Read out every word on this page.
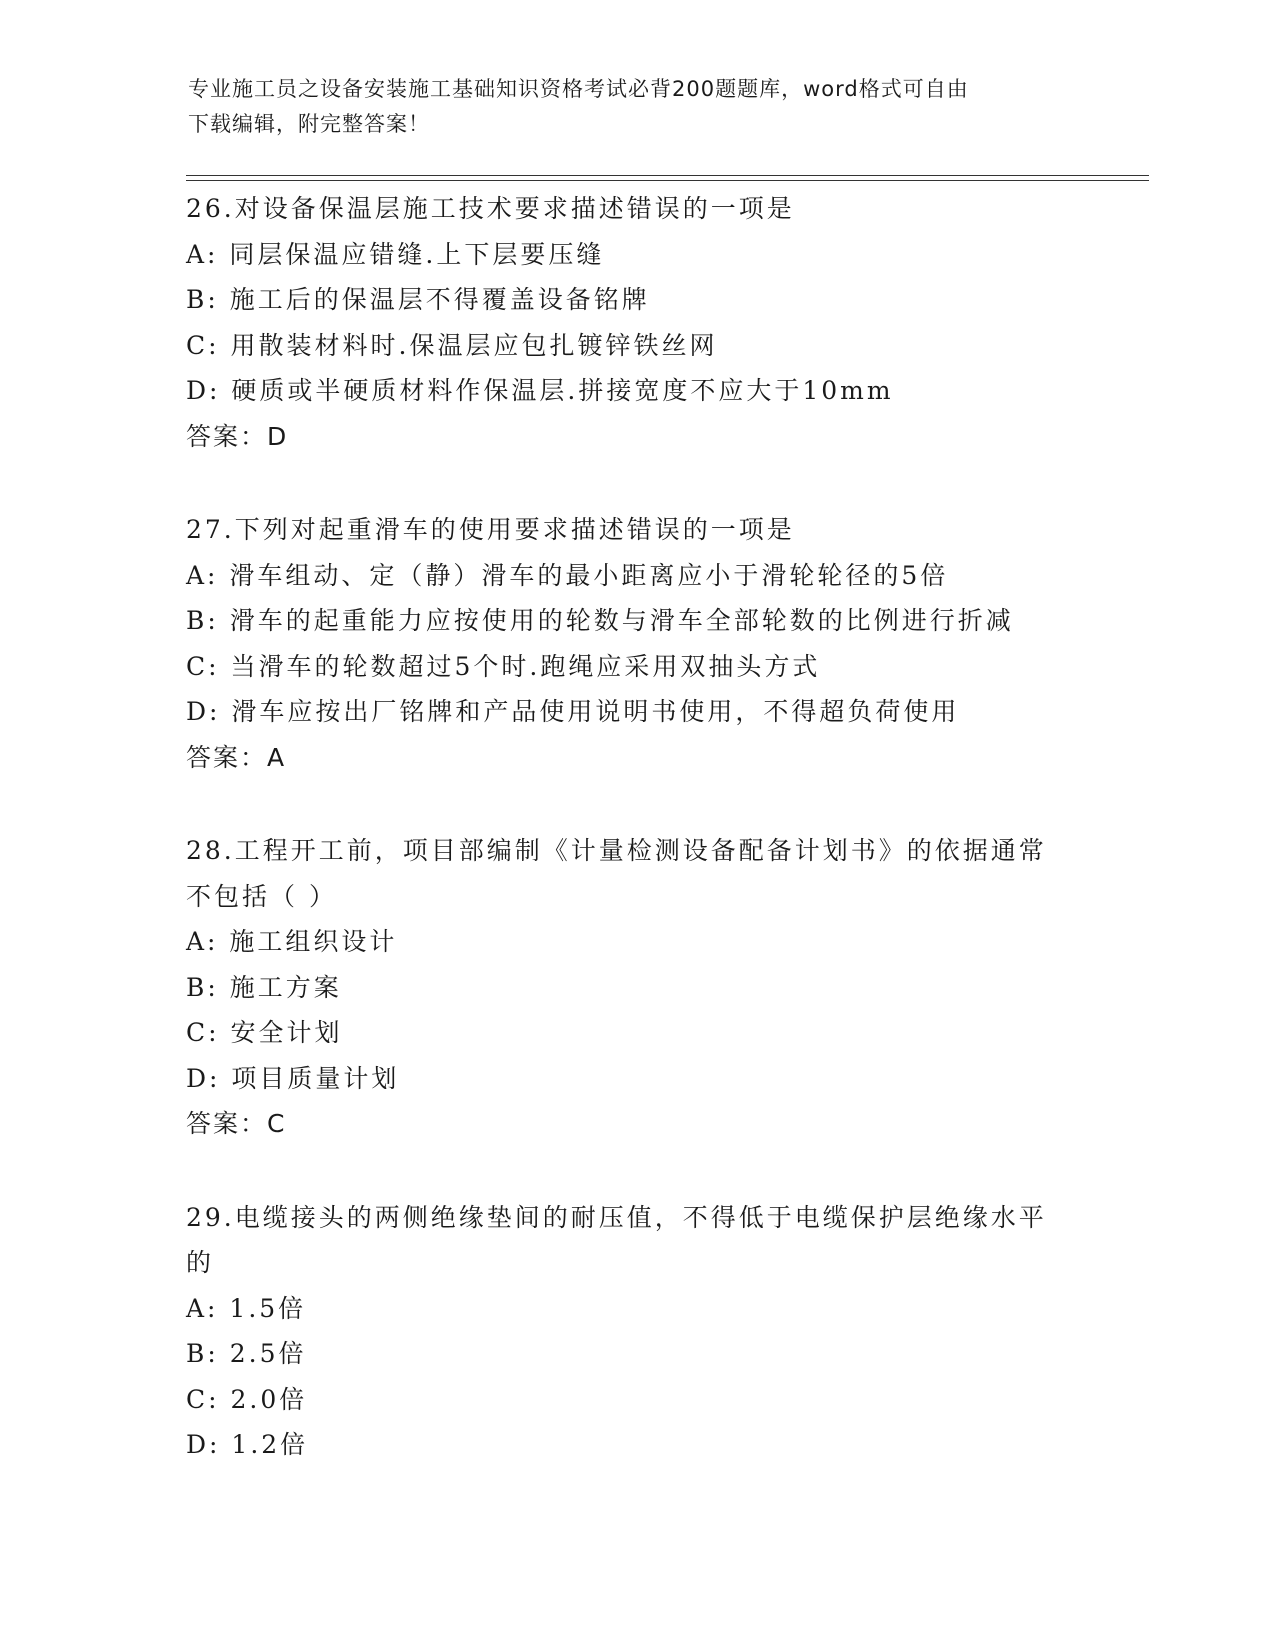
专业施工员之设备安装施工基础知识资格考试必背200题题库，word格式可自由
下载编辑，附完整答案！
26.对设备保温层施工技术要求描述错误的一项是
A: 同层保温应错缝.上下层要压缝
B: 施工后的保温层不得覆盖设备铭牌
C: 用散装材料时.保温层应包扎镀锌铁丝网
D: 硬质或半硬质材料作保温层.拼接宽度不应大于10mm
答案：D
27.下列对起重滑车的使用要求描述错误的一项是
A: 滑车组动、定（静）滑车的最小距离应小于滑轮轮径的5倍
B: 滑车的起重能力应按使用的轮数与滑车全部轮数的比例进行折减
C: 当滑车的轮数超过5个时.跑绳应采用双抽头方式
D: 滑车应按出厂铭牌和产品使用说明书使用，不得超负荷使用
答案：A
28.工程开工前，项目部编制《计量检测设备配备计划书》的依据通常不包括（ ）
A: 施工组织设计
B: 施工方案
C: 安全计划
D: 项目质量计划
答案：C
29.电缆接头的两侧绝缘垫间的耐压值，不得低于电缆保护层绝缘水平的
A: 1.5倍
B: 2.5倍
C: 2.0倍
D: 1.2倍
